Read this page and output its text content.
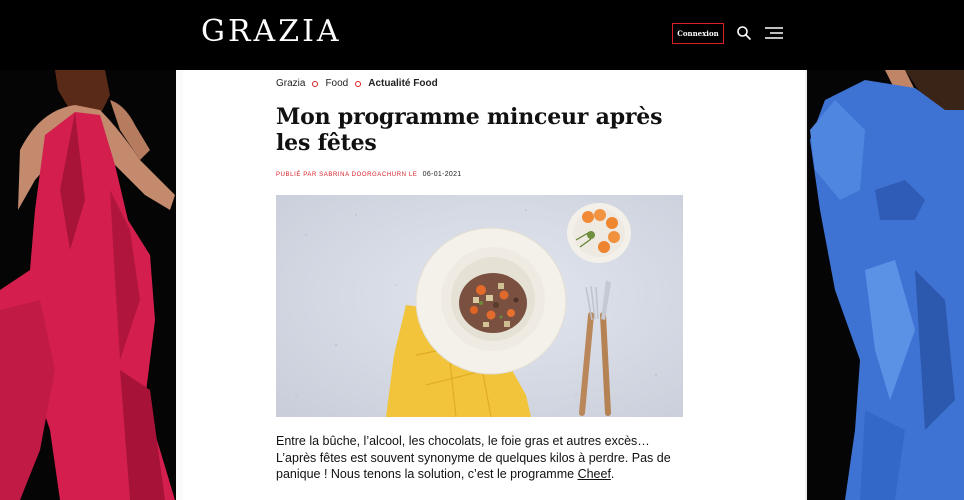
GRAZIA	Connexion
Grazia Food Actualité Food
Mon programme minceur après les fêtes
PUBLIÉ PAR SABRINA DOORGACHURN LE 06-01-2021

Entre la bûche, l’alcool, les chocolats, le foie gras et autres excès… L’après fêtes est souvent synonyme de quelques kilos à perdre. Pas de panique ! Nous tenons la solution, c’est le programme Cheef.
